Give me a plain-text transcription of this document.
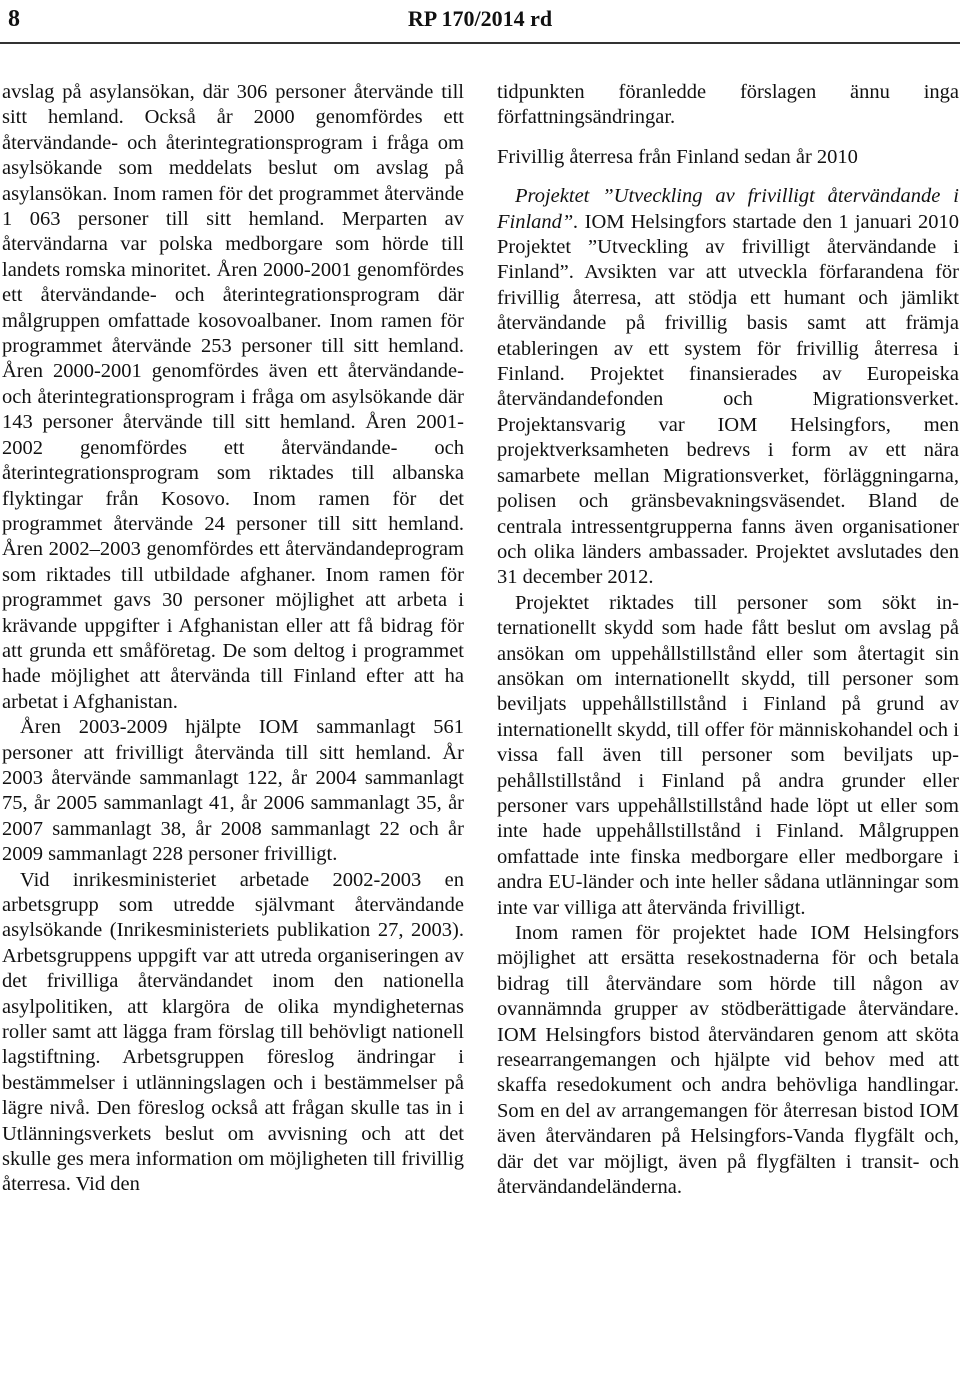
8	RP 170/2014 rd

avslag på asylansökan, där 306 personer återvände till sitt hemland. Också år 2000 genomfördes ett återvändande- och återintegrationsprogram i fråga om asylsökande som meddelats beslut om avslag på asylansökan. Inom ramen för det programmet återvände 1 063 personer till sitt hemland. Merparten av återvändarna var polska medborgare som hörde till landets romska minoritet. Åren 2000-2001 genomfördes ett återvändande- och återintegrationsprogram där målgruppen omfattade kosovoalbaner. Inom ramen för programmet återvände 253 personer till sitt hemland. Åren 2000-2001 genomfördes även ett återvändande- och återintegrationsprogram i fråga om asylsökande där 143 personer återvände till sitt hemland. Åren 2001-2002 genomfördes ett återvändande- och återintegrationsprogram som riktades till albanska flyktingar från Kosovo. Inom ramen för det programmet återvände 24 personer till sitt hemland. Åren 2002–2003 genomfördes ett återvändandeprogram som riktades till utbildade afghaner. Inom ramen för programmet gavs 30 personer möjlighet att arbeta i krävande uppgifter i Afghanistan eller att få bidrag för att grunda ett småföretag. De som deltog i programmet hade möjlighet att återvända till Finland efter att ha arbetat i Afghanistan.

Åren 2003-2009 hjälpte IOM sammanlagt 561 personer att frivilligt återvända till sitt hemland. År 2003 återvände sammanlagt 122, år 2004 sammanlagt 75, år 2005 sammanlagt 41, år 2006 sammanlagt 35, år 2007 sammanlagt 38, år 2008 sammanlagt 22 och år 2009 sammanlagt 228 personer frivilligt.

Vid inrikesministeriet arbetade 2002-2003 en arbetsgrupp som utredde självmant återvändande asylsökande (Inrikesministeriets publikation 27, 2003). Arbetsgruppens uppgift var att utreda organiseringen av det frivilliga återvändandet inom den nationella asylpolitiken, att klargöra de olika myndigheternas roller samt att lägga fram förslag till behövligt nationell lagstiftning. Arbetsgruppen föreslog ändringar i bestämmelser i utlänningslagen och i bestämmelser på lägre nivå. Den föreslog också att frågan skulle tas in i Utlänningsverkets beslut om avvisning och att det skulle ges mera information om möjligheten till frivillig återresa. Vid den

tidpunkten föranledde förslagen ännu inga författningsändringar.

Frivillig återresa från Finland sedan år 2010

Projektet ”Utveckling av frivilligt återvändande i Finland”. IOM Helsingfors startade den 1 januari 2010 Projektet ”Utveckling av frivilligt återvändande i Finland”. Avsikten var att utveckla förfarandena för frivillig återresa, att stödja ett humant och jämlikt återvändande på frivillig basis samt att främja etableringen av ett system för frivillig återresa i Finland. Projektet finansierades av Europeiska återvändandefonden och Migrationsverket. Projektansvarig var IOM Helsingfors, men projektverksamheten bedrevs i form av ett nära samarbete mellan Migrationsverket, förläggningarna, polisen och gränsbevakningsväsendet. Bland de centrala intressentgrupperna fanns även organisationer och olika länders ambassader. Projektet avslutades den 31 december 2012.

Projektet riktades till personer som sökt internationellt skydd som hade fått beslut om avslag på ansökan om uppehållstillstånd eller som återtagit sin ansökan om internationellt skydd, till personer som beviljats uppehållstillstånd i Finland på grund av internationellt skydd, till offer för människohandel och i vissa fall även till personer som beviljats uppehållstillstånd i Finland på andra grunder eller personer vars uppehållstillstånd hade löpt ut eller som inte hade uppehållstillstånd i Finland. Målgruppen omfattade inte finska medborgare eller medborgare i andra EU-länder och inte heller sådana utlänningar som inte var villiga att återvända frivilligt.

Inom ramen för projektet hade IOM Helsingfors möjlighet att ersätta resekostnaderna för och betala bidrag till återvändare som hörde till någon av ovannämnda grupper av stödberättigade återvändare. IOM Helsingfors bistod återvändaren genom att sköta researrangemangen och hjälpte vid behov med att skaffa resedokument och andra behövliga handlingar. Som en del av arrangemangen för återresan bistod IOM även återvändaren på Helsingfors-Vanda flygfält och, där det var möjligt, även på flygfälten i transit- och återvändandeländerna.
